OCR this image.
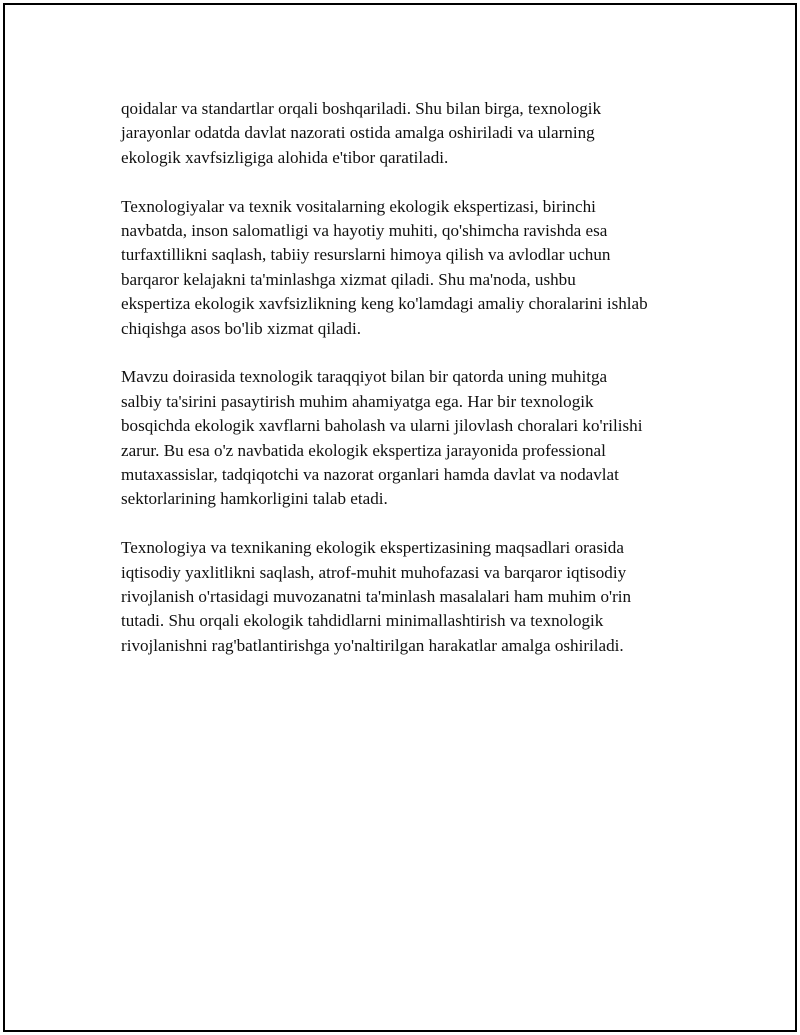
qoidalar va standartlar orqali boshqariladi. Shu bilan birga, texnologik
jarayonlar odatda davlat nazorati ostida amalga oshiriladi va ularning
ekologik xavfsizligiga alohida e'tibor qaratiladi.

Texnologiyalar va texnik vositalarning ekologik ekspertizasi, birinchi
navbatda, inson salomatligi va hayotiy muhiti, qo'shimcha ravishda esa
turfaxtillikni saqlash, tabiiy resurslarni himoya qilish va avlodlar uchun
barqaror kelajakni ta'minlashga xizmat qiladi. Shu ma'noda, ushbu
ekspertiza ekologik xavfsizlikning keng ko'lamdagi amaliy choralarini ishlab
chiqishga asos bo'lib xizmat qiladi.

Mavzu doirasida texnologik taraqqiyot bilan bir qatorda uning muhitga
salbiy ta'sirini pasaytirish muhim ahamiyatga ega. Har bir texnologik
bosqichda ekologik xavflarni baholash va ularni jilovlash choralari ko'rilishi
zarur. Bu esa o'z navbatida ekologik ekspertiza jarayonida professional
mutaxassislar, tadqiqotchi va nazorat organlari hamda davlat va nodavlat
sektorlarining hamkorligini talab etadi.

Texnologiya va texnikaning ekologik ekspertizasining maqsadlari orasida
iqtisodiy yaxlitlikni saqlash, atrof-muhit muhofazasi va barqaror iqtisodiy
rivojlanish o'rtasidagi muvozanatni ta'minlash masalalari ham muhim o'rin
tutadi. Shu orqali ekologik tahdidlarni minimallashtirish va texnologik
rivojlanishni rag'batlantirishga yo'naltirilgan harakatlar amalga oshiriladi.
